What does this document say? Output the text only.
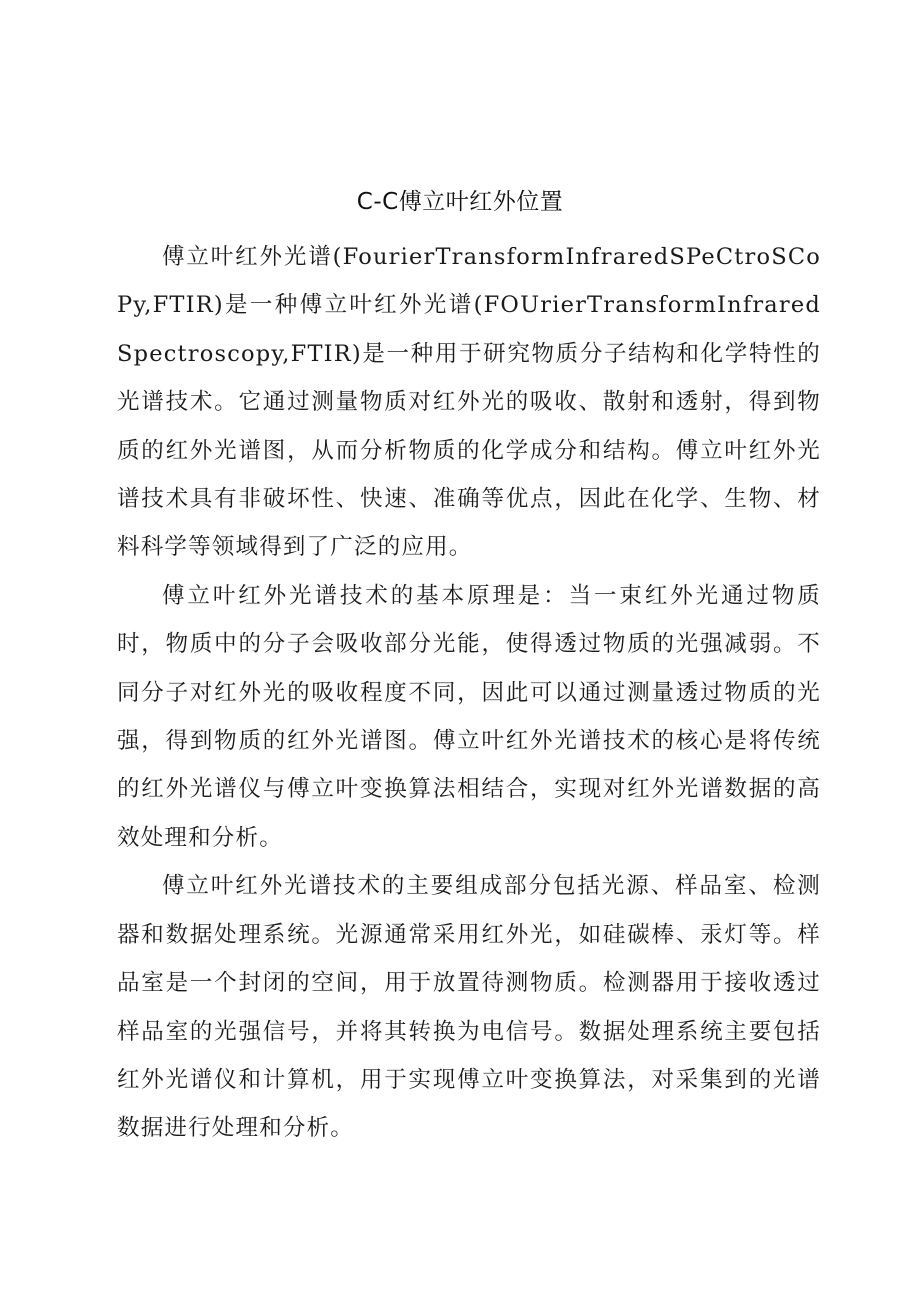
C-C傅立叶红外位置

傅立叶红外光谱(FourierTransformInfraredSPeCtroSCoPy,FTIR)是一种傅立叶红外光谱(FOUrierTransformInfraredSpectroscopy,FTIR)是一种用于研究物质分子结构和化学特性的光谱技术。它通过测量物质对红外光的吸收、散射和透射，得到物质的红外光谱图，从而分析物质的化学成分和结构。傅立叶红外光谱技术具有非破坏性、快速、准确等优点，因此在化学、生物、材料科学等领域得到了广泛的应用。

傅立叶红外光谱技术的基本原理是：当一束红外光通过物质时，物质中的分子会吸收部分光能，使得透过物质的光强减弱。不同分子对红外光的吸收程度不同，因此可以通过测量透过物质的光强，得到物质的红外光谱图。傅立叶红外光谱技术的核心是将传统的红外光谱仪与傅立叶变换算法相结合，实现对红外光谱数据的高效处理和分析。

傅立叶红外光谱技术的主要组成部分包括光源、样品室、检测器和数据处理系统。光源通常采用红外光，如硅碳棒、汞灯等。样品室是一个封闭的空间，用于放置待测物质。检测器用于接收透过样品室的光强信号，并将其转换为电信号。数据处理系统主要包括红外光谱仪和计算机，用于实现傅立叶变换算法，对采集到的光谱数据进行处理和分析。
